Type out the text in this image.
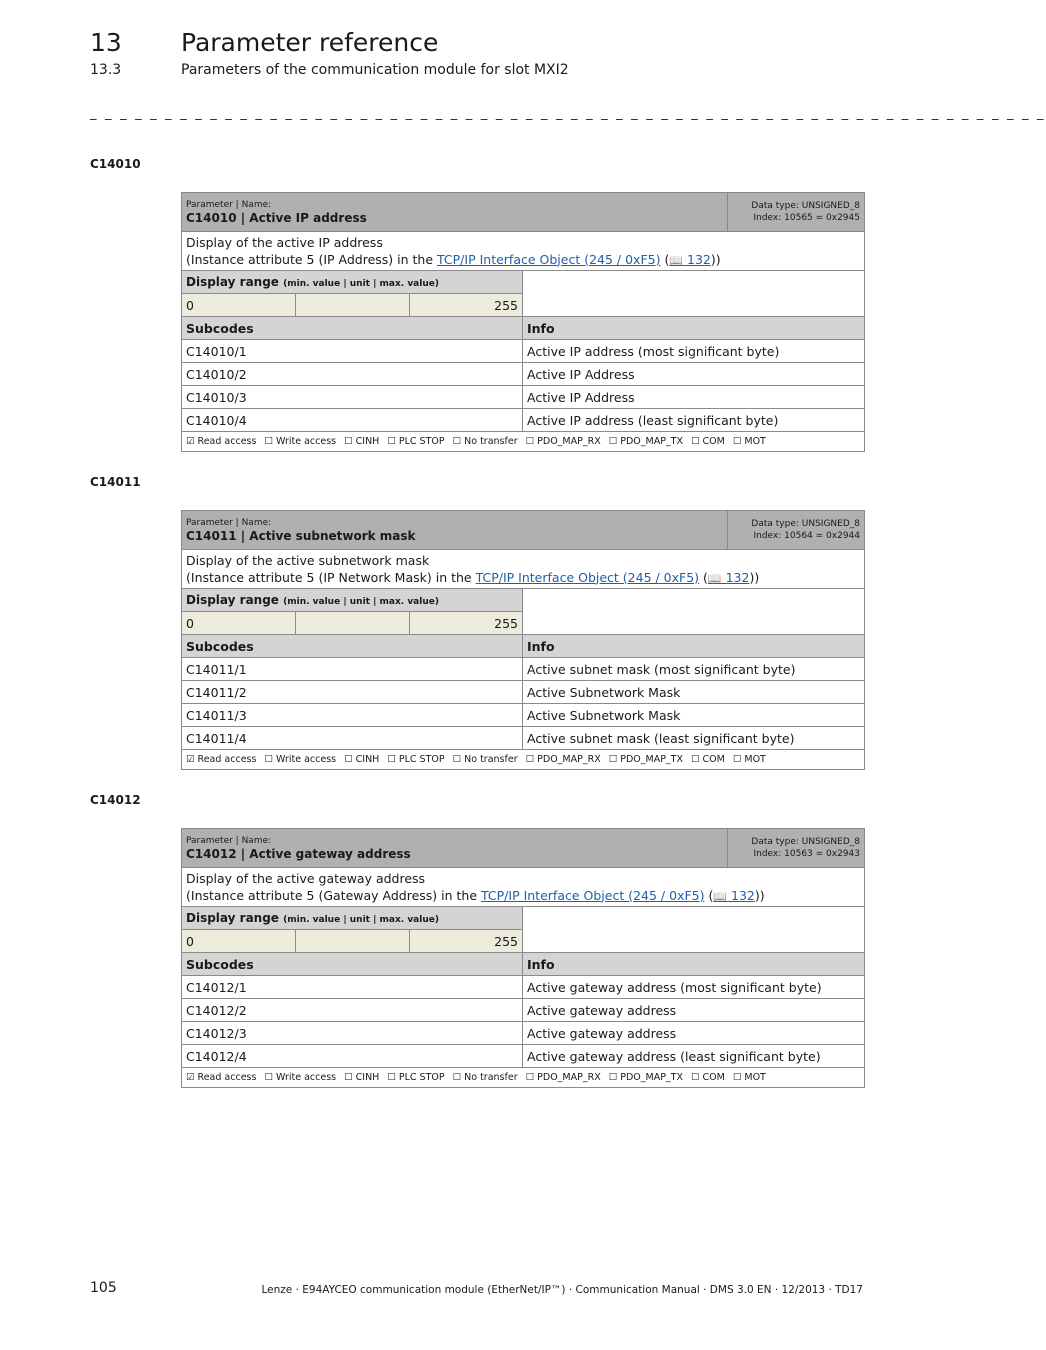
13 Parameter reference
13.3	Parameters of the communication module for slot MXI2
_ _ _ _ _ _ _ _ _ _ _ _ _ _ _ _ _ _ _ _ _ _ _ _ _ _ _ _ _ _ _ _ _ _ _ _ _ _ _ _ _ _ _ _ _ _ _ _ _ _ _ _ _ _ _ _ _ _ _ _ _ _ _ _
C14010
Parameter | Name:
C14010 | Active IP address				Data type: UNSIGNED_8
Index: 10565 = 0x2945
Display of the active IP address
(Instance attribute 5 (IP Address) in the TCP/IP Interface Object (245 / 0xF5) (📖 132))				
Display range (min. value | unit | max. value)				
0		255		
Subcodes			Info	
C14010/1			Active IP address (most significant byte)	
C14010/2			Active IP Address	
C14010/3			Active IP Address	
C14010/4			Active IP address (least significant byte)	
☑ Read access ☐ Write access ☐ CINH ☐ PLC STOP ☐ No transfer ☐ PDO_MAP_RX ☐ PDO_MAP_TX ☐ COM ☐ MOT				
C14011
Parameter | Name:
C14011 | Active subnetwork mask				Data type: UNSIGNED_8
Index: 10564 = 0x2944
Display of the active subnetwork mask
(Instance attribute 5 (IP Network Mask) in the TCP/IP Interface Object (245 / 0xF5) (📖 132))				
Display range (min. value | unit | max. value)				
0		255		
Subcodes			Info	
C14011/1			Active subnet mask (most significant byte)	
C14011/2			Active Subnetwork Mask	
C14011/3			Active Subnetwork Mask	
C14011/4			Active subnet mask (least significant byte)	
☑ Read access ☐ Write access ☐ CINH ☐ PLC STOP ☐ No transfer ☐ PDO_MAP_RX ☐ PDO_MAP_TX ☐ COM ☐ MOT				
C14012
Parameter | Name:
C14012 | Active gateway address				Data type: UNSIGNED_8
Index: 10563 = 0x2943
Display of the active gateway address
(Instance attribute 5 (Gateway Address) in the TCP/IP Interface Object (245 / 0xF5) (📖 132))				
Display range (min. value | unit | max. value)				
0		255		
Subcodes			Info	
C14012/1			Active gateway address (most significant byte)	
C14012/2			Active gateway address	
C14012/3			Active gateway address	
C14012/4			Active gateway address (least significant byte)	
☑ Read access ☐ Write access ☐ CINH ☐ PLC STOP ☐ No transfer ☐ PDO_MAP_RX ☐ PDO_MAP_TX ☐ COM ☐ MOT				
105	Lenze · E94AYCEO communication module (EtherNet/IP™) · Communication Manual · DMS 3.0 EN · 12/2013 · TD17
